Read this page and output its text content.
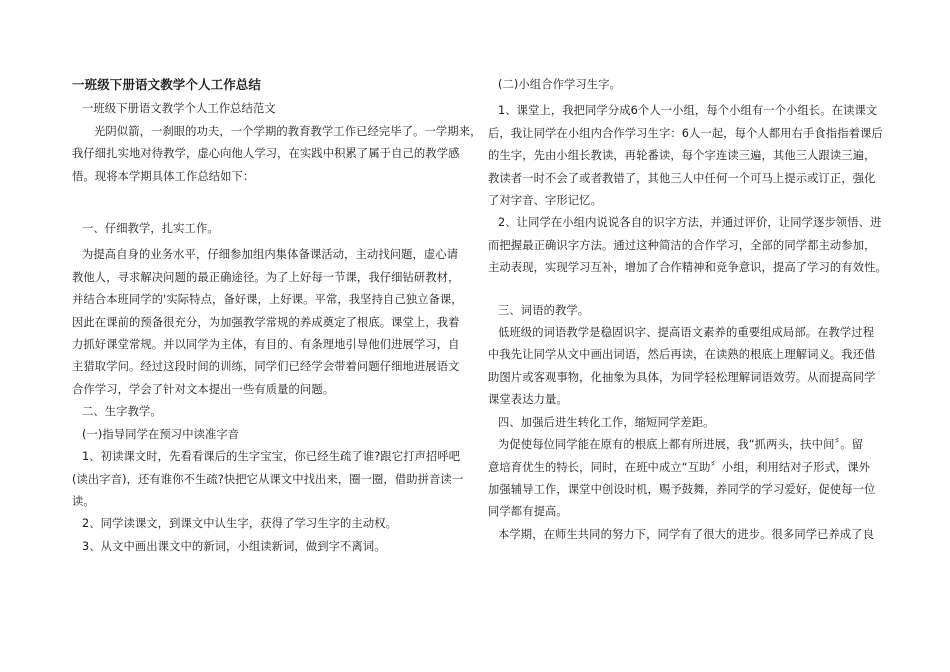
一班级下册语文教学个人工作总结

一班级下册语文教学个人工作总结范文

光阴似箭，一刹眼的功夫，一个学期的教育教学工作已经完毕了。一学期来，

我仔细扎实地对待教学，虚心向他人学习，在实践中积累了属于自己的教学感

悟。现将本学期具体工作总结如下：

一、仔细教学，扎实工作。

为提高自身的业务水平，仔细参加组内集体备课活动，主动找问题，虚心请

教他人，寻求解决问题的最正确途径。为了上好每一节课，我仔细钻研教材，

并结合本班同学的'实际特点，备好课，上好课。平常，我坚持自己独立备课，

因此在课前的预备很充分，为加强教学常规的养成奠定了根底。课堂上，我着

力抓好课堂常规。并以同学为主体，有目的、有条理地引导他们进展学习，自

主猎取学问。经过这段时间的训练，同学们已经学会带着问题仔细地进展语文

合作学习，学会了针对文本提出一些有质量的问题。

二、生字教学。

(一)指导同学在预习中读准字音

1、初读课文时，先看看课后的生字宝宝，你已经生疏了谁?跟它打声招呼吧

(读出字音)，还有谁你不生疏?快把它从课文中找出来，圈一圈，借助拼音读一

读。

2、同学读课文，到课文中认生字，获得了学习生字的主动权。

3、从文中画出课文中的新词，小组读新词，做到字不离词。

(二)小组合作学习生字。

1、课堂上，我把同学分成6个人一小组，每个小组有一个小组长。在读课文

后，我让同学在小组内合作学习生字：6人一起，每个人都用右手食指指着课后

的生字，先由小组长教读，再轮番读，每个字连读三遍，其他三人跟读三遍，

教读者一时不会了或者教错了，其他三人中任何一个可马上提示或订正，强化

了对字音、字形记忆。

2、让同学在小组内说说各自的识字方法，并通过评价，让同学逐步领悟、进

而把握最正确识字方法。通过这种简洁的合作学习，全部的同学都主动参加，

主动表现，实现学习互补，增加了合作精神和竞争意识，提高了学习的有效性。

三、词语的教学。

低班级的词语教学是稳固识字、提高语文素养的重要组成局部。在教学过程

中我先让同学从文中画出词语，然后再读，在读熟的根底上理解词义。我还借

助图片或客观事物，化抽象为具体，为同学轻松理解词语效劳。从而提高同学

课堂表达力量。

四、加强后进生转化工作，缩短同学差距。

为促使每位同学能在原有的根底上都有所进展，我“抓两头，扶中间〞。留

意培育优生的特长，同时，在班中成立“互助〞小组，利用结对子形式，课外

加强辅导工作，课堂中创设时机，赐予鼓舞，养同学的学习爱好，促使每一位

同学都有提高。

本学期，在师生共同的努力下，同学有了很大的进步。很多同学已养成了良
